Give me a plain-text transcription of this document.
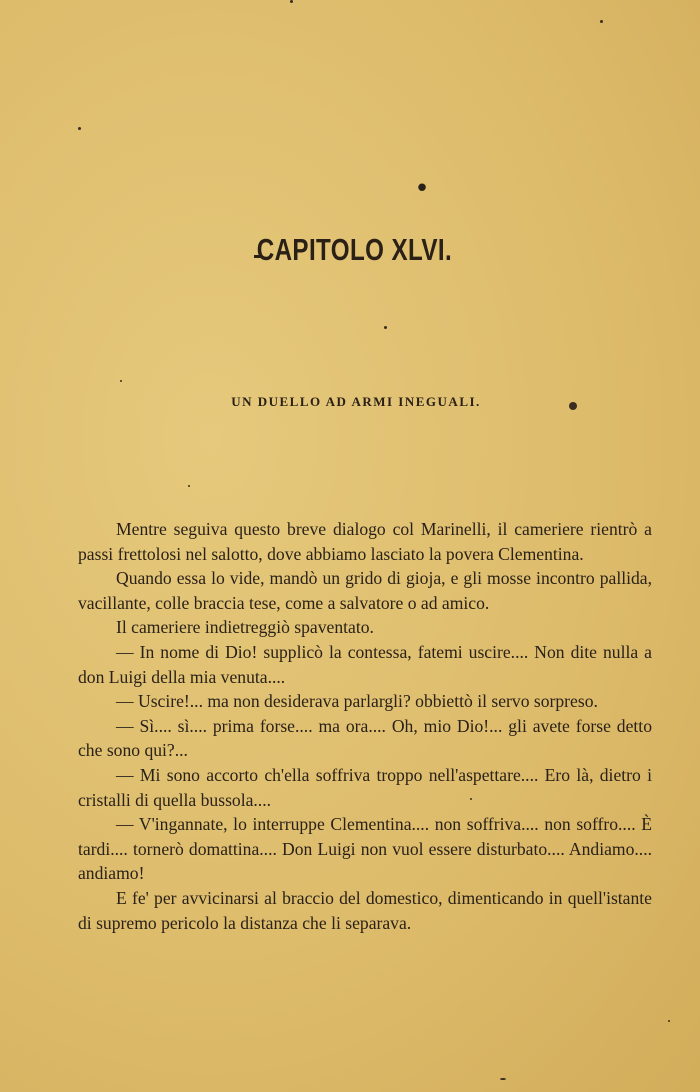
•
CAPITOLO XLVI.
UN DUELLO AD ARMI INEGUALI.

Mentre seguiva questo breve dialogo col Marinelli, il cameriere rientrò a passi frettolosi nel salotto, dove abbiamo lasciato la povera Clementina.

Quando essa lo vide, mandò un grido di gioja, e gli mosse incontro pallida, vacillante, colle braccia tese, come a salvatore o ad amico.

Il cameriere indietreggiò spaventato.

— In nome di Dio! supplicò la contessa, fatemi uscire.... Non dite nulla a don Luigi della mia venuta....

— Uscire!... ma non desiderava parlargli? obbiettò il servo sorpreso.

— Sì.... sì.... prima forse.... ma ora.... Oh, mio Dio!... gli avete forse detto che sono qui?...

— Mi sono accorto ch'ella soffriva troppo nell'aspettare.... Ero là, dietro i cristalli di quella bussola....

— V'ingannate, lo interruppe Clementina.... non soffriva.... non soffro.... È tardi.... tornerò domattina.... Don Luigi non vuol essere disturbato.... Andiamo.... andiamo!

E fe' per avvicinarsi al braccio del domestico, dimenticando in quell'istante di supremo pericolo la distanza che li separava.
